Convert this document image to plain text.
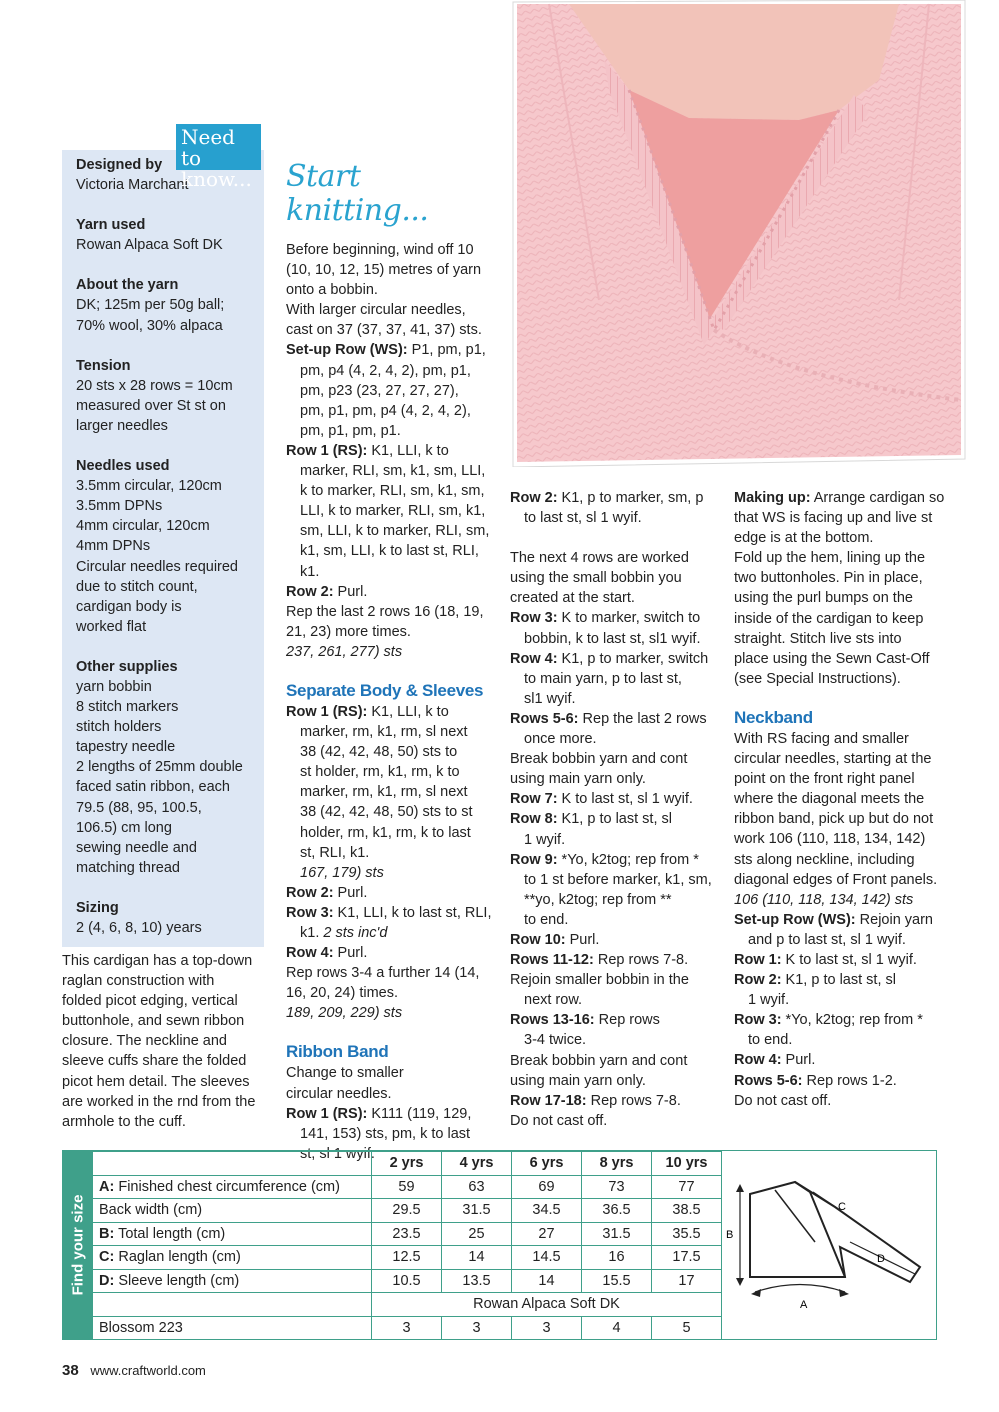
Designed by

Victoria Marchant

Yarn used

Rowan Alpaca Soft DK

About the yarn

DK; 125m per 50g ball;

70% wool, 30% alpaca

Tension

20 sts x 28 rows = 10cm

measured over St st on

larger needles

Needles used

3.5mm circular, 120cm

3.5mm DPNs

4mm circular, 120cm

4mm DPNs

Circular needles required

due to stitch count,

cardigan body is

worked flat

Other supplies

yarn bobbin

8 stitch markers

stitch holders

tapestry needle

2 lengths of 25mm double

faced satin ribbon, each

79.5 (88, 95, 100.5,

106.5) cm long

sewing needle and

matching thread

Sizing

2 (4, 6, 8, 10) years

Need to
know...

This cardigan has a top-down

raglan construction with

folded picot edging, vertical

buttonhole, and sewn ribbon

closure. The neckline and

sleeve cuffs share the folded

picot hem detail. The sleeves

are worked in the rnd from the

armhole to the cuff.

Start knitting...

Before beginning, wind off 10

(10, 10, 12, 15) metres of yarn

onto a bobbin.

With larger circular needles,

cast on 37 (37, 37, 41, 37) sts.

Set-up Row (WS): P1, pm, p1,

pm, p4 (4, 2, 4, 2), pm, p1,

pm, p23 (23, 27, 27, 27),

pm, p1, pm, p4 (4, 2, 4, 2),

pm, p1, pm, p1.

Row 1 (RS): K1, LLI, k to

marker, RLI, sm, k1, sm, LLI,

k to marker, RLI, sm, k1, sm,

LLI, k to marker, RLI, sm, k1,

sm, LLI, k to marker, RLI, sm,

k1, sm, LLI, k to last st, RLI,

k1.

Row 2: Purl.

Rep the last 2 rows 16 (18, 19,

21, 23) more times.

237, 261, 277) sts

Separate Body & Sleeves

Row 1 (RS): K1, LLI, k to

marker, rm, k1, rm, sl next

38 (42, 42, 48, 50) sts to

st holder, rm, k1, rm, k to

marker, rm, k1, rm, sl next

38 (42, 42, 48, 50) sts to st

holder, rm, k1, rm, k to last

st, RLI, k1.

167, 179) sts

Row 2: Purl.

Row 3: K1, LLI, k to last st, RLI,

k1. 2 sts inc'd

Row 4: Purl.

Rep rows 3-4 a further 14 (14,

16, 20, 24) times.

189, 209, 229) sts

Ribbon Band

Change to smaller

circular needles.

Row 1 (RS): K111 (119, 129,

141, 153) sts, pm, k to last

st, sl 1 wyif.

Row 2: K1, p to marker, sm, p

to last st, sl 1 wyif.

The next 4 rows are worked

using the small bobbin you

created at the start.

Row 3: K to marker, switch to

bobbin, k to last st, sl1 wyif.

Row 4: K1, p to marker, switch

to main yarn, p to last st,

sl1 wyif.

Rows 5-6: Rep the last 2 rows

once more.

Break bobbin yarn and cont

using main yarn only.

Row 7: K to last st, sl 1 wyif.

Row 8: K1, p to last st, sl

1 wyif.

Row 9: *Yo, k2tog; rep from *

to 1 st before marker, k1, sm,

**yo, k2tog; rep from **

to end.

Row 10: Purl.

Rows 11-12: Rep rows 7-8.

Rejoin smaller bobbin in the

next row.

Rows 13-16: Rep rows

3-4 twice.

Break bobbin yarn and cont

using main yarn only.

Row 17-18: Rep rows 7-8.

Do not cast off.

Making up: Arrange cardigan so

that WS is facing up and live st

edge is at the bottom.

Fold up the hem, lining up the

two buttonholes. Pin in place,

using the purl bumps on the

inside of the cardigan to keep

straight. Stitch live sts into

place using the Sewn Cast-Off

(see Special Instructions).

Neckband

With RS facing and smaller

circular needles, starting at the

point on the front right panel

where the diagonal meets the

ribbon band, pick up but do not

work 106 (110, 118, 134, 142)

sts along neckline, including

diagonal edges of Front panels.

106 (110, 118, 134, 142) sts

Set-up Row (WS): Rejoin yarn

and p to last st, sl 1 wyif.

Row 1: K to last st, sl 1 wyif.

Row 2: K1, p to last st, sl

1 wyif.

Row 3: *Yo, k2tog; rep from *

to end.

Row 4: Purl.

Rows 5-6: Rep rows 1-2.

Do not cast off.

Find your size
	2 yrs	4 yrs	6 yrs	8 yrs	10 yrs
A: Finished chest circumference (cm)	59	63	69	73	77
Back width (cm)	29.5	31.5	34.5	36.5	38.5
B: Total length (cm)	23.5	25	27	31.5	35.5
C: Raglan length (cm)	12.5	14	14.5	16	17.5
D: Sleeve length (cm)	10.5	13.5	14	15.5	17
	Rowan Alpaca Soft DK				
Blossom 223	3	3	3	4	5
B
C
D
A
38 www.craftworld.com
